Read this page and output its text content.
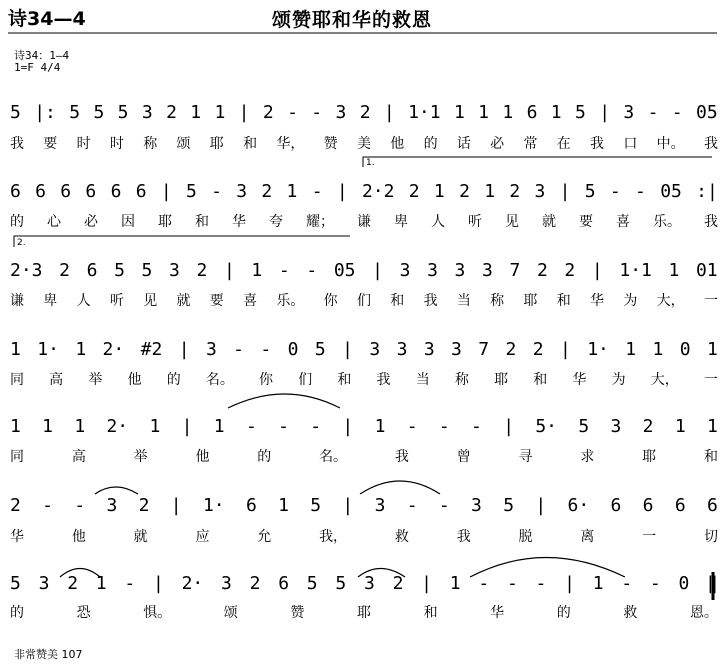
诗34—4	颂赞耶和华的救恩
诗34：1—4
1=F 4/4
1.
2.
5 |: 5 5 5 3 2 1 1 | 2 - - 3 2 | 1·1 1 1 1 6 1 5 | 3 - - 05
我 要 时 时 称 颂 耶 和 华， 赞 美 他 的 话 必 常 在 我 口 中。 我
6 6 6 6 6 6 | 5 - 3 2 1 - | 2·2 2 1 2 1 2 3 | 5 - - 05 :|
的 心 必 因 耶 和 华 夸 耀； 谦 卑 人 听 见 就 要 喜 乐。 我
2·3 2 6 5 5 3 2 | 1 - - 05 | 3 3 3 3 7 2 2 | 1·1 1 01
谦 卑 人 听 见 就 要 喜 乐。 你 们 和 我 当 称 耶 和 华 为 大， 一
1 1· 1 2· #2 | 3 - - 0 5 | 3 3 3 3 7 2 2 | 1· 1 1 0 1
同 高 举 他 的 名。 你 们 和 我 当 称 耶 和 华 为 大， 一
1 1 1 2· 1 | 1 - - - | 1 - - - | 5· 5 3 2 1 1
同	高	举	他	的	名。	我	曾	寻	求	耶	和
2 - - 3 2 | 1· 6 1 5 | 3 - - 3 5 | 6· 6 6 6 6
华	他	就	应	允	我，	救	我	脱	离	一	切
5 3 2 1 - | 2· 3 2 6 5 5 3 2 | 1 - - - | 1 - - 0 ‖
的	恐	惧。	颂	赞	耶	和	华	的	救	恩。
非常赞美 107
